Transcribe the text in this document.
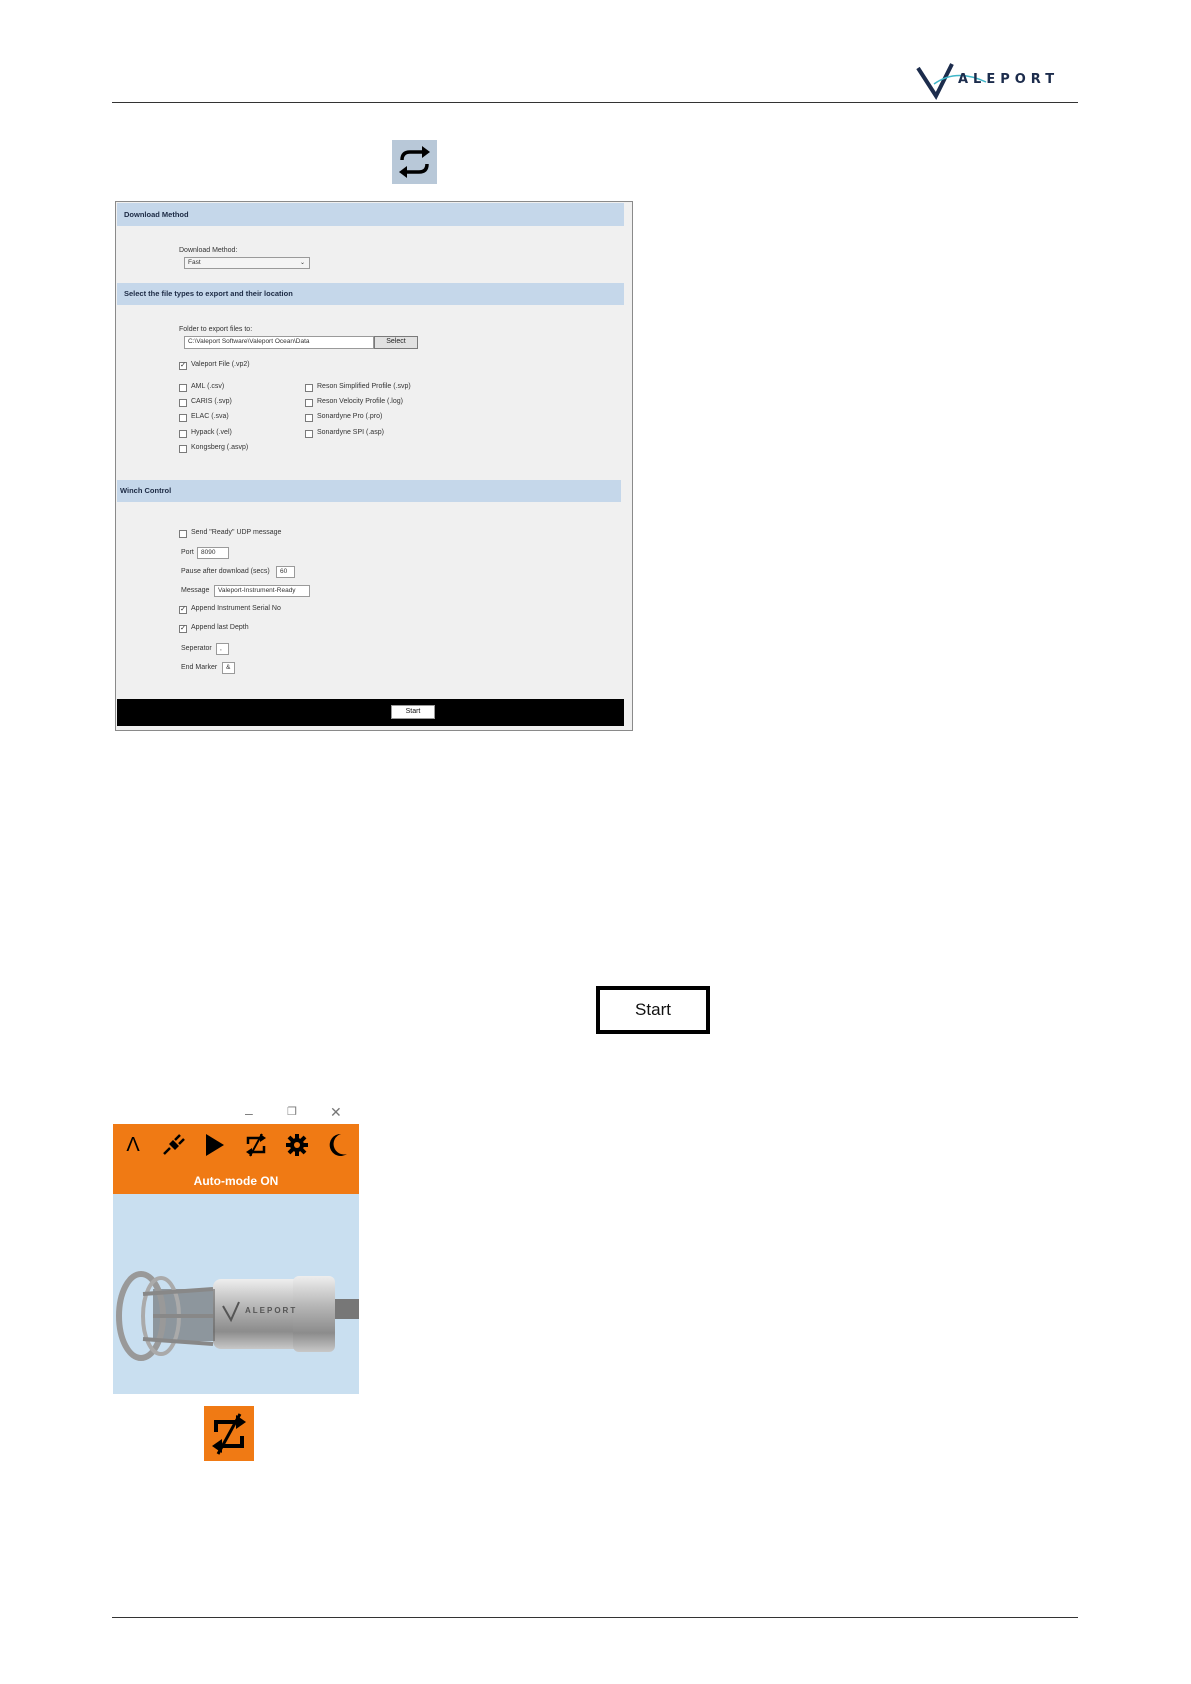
ALEPORT
Download Method
Download Method:
Fast	⌄
Select the file types to export and their location
Folder to export files to:
C:\Valeport Software\Valeport Ocean\Data	Select
✓ Valeport File (.vp2)
AML (.csv)
CARIS (.svp)
ELAC (.sva)
Hypack (.vel)
Kongsberg (.asvp)
Reson Simplified Profile (.svp)
Reson Velocity Profile (.log)
Sonardyne Pro (.pro)
Sonardyne SPI (.asp)
Winch Control
Send "Ready" UDP message
Port	8090
Pause after download (secs)	60
Message	Valeport-Instrument-Ready
✓ Append Instrument Serial No
✓ Append last Depth
Seperator	,
End Marker	&
Start
Start
–	❐ ✕
Λ
Auto-mode ON
ALEPORT
